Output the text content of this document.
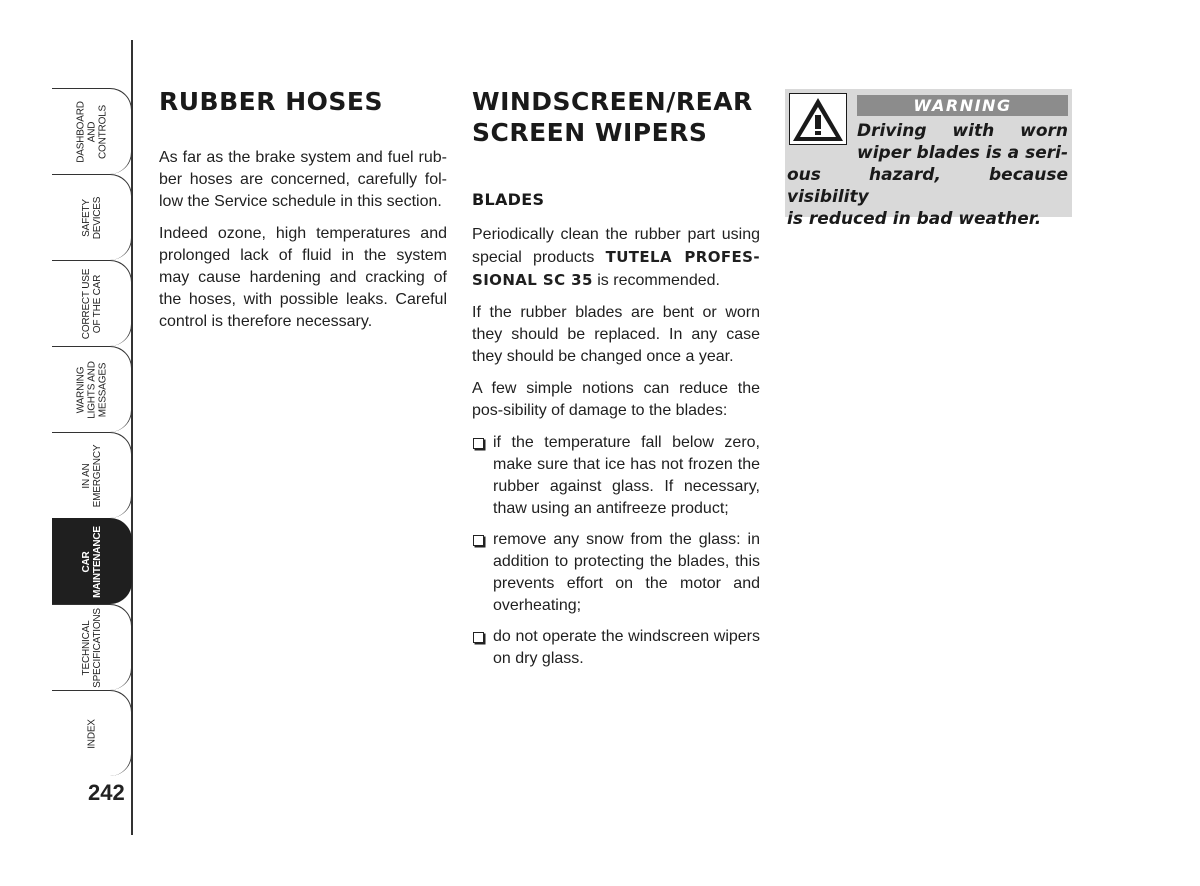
DASHBOARD
AND
CONTROLS
SAFETY
DEVICES
CORRECT USE
OF THE CAR
WARNING
LIGHTS AND
MESSAGES
IN AN
EMERGENCY
CAR
MAINTENANCE
TECHNICAL
SPECIFICATIONS
INDEX
242
RUBBER HOSES

As far as the brake system and fuel rub-ber hoses are concerned, carefully fol-low the Service schedule in this section.

Indeed ozone, high temperatures and prolonged lack of fluid in the system may cause hardening and cracking of the hoses, with possible leaks. Careful control is therefore necessary.

WINDSCREEN/REAR
SCREEN WIPERS
BLADES

Periodically clean the rubber part using special products TUTELA PROFES-SIONAL SC 35 is recommended.

If the rubber blades are bent or worn they should be replaced. In any case they should be changed once a year.

A few simple notions can reduce the pos-sibility of damage to the blades:

if the temperature fall below zero, make sure that ice has not frozen the rubber against glass. If necessary, thaw using an antifreeze product;
remove any snow from the glass: in addition to protecting the blades, this prevents effort on the motor and overheating;
do not operate the windscreen wipers on dry glass.
WARNING
Driving with worn
wiper blades is a seri-
ous hazard, because visibility
is reduced in bad weather.
